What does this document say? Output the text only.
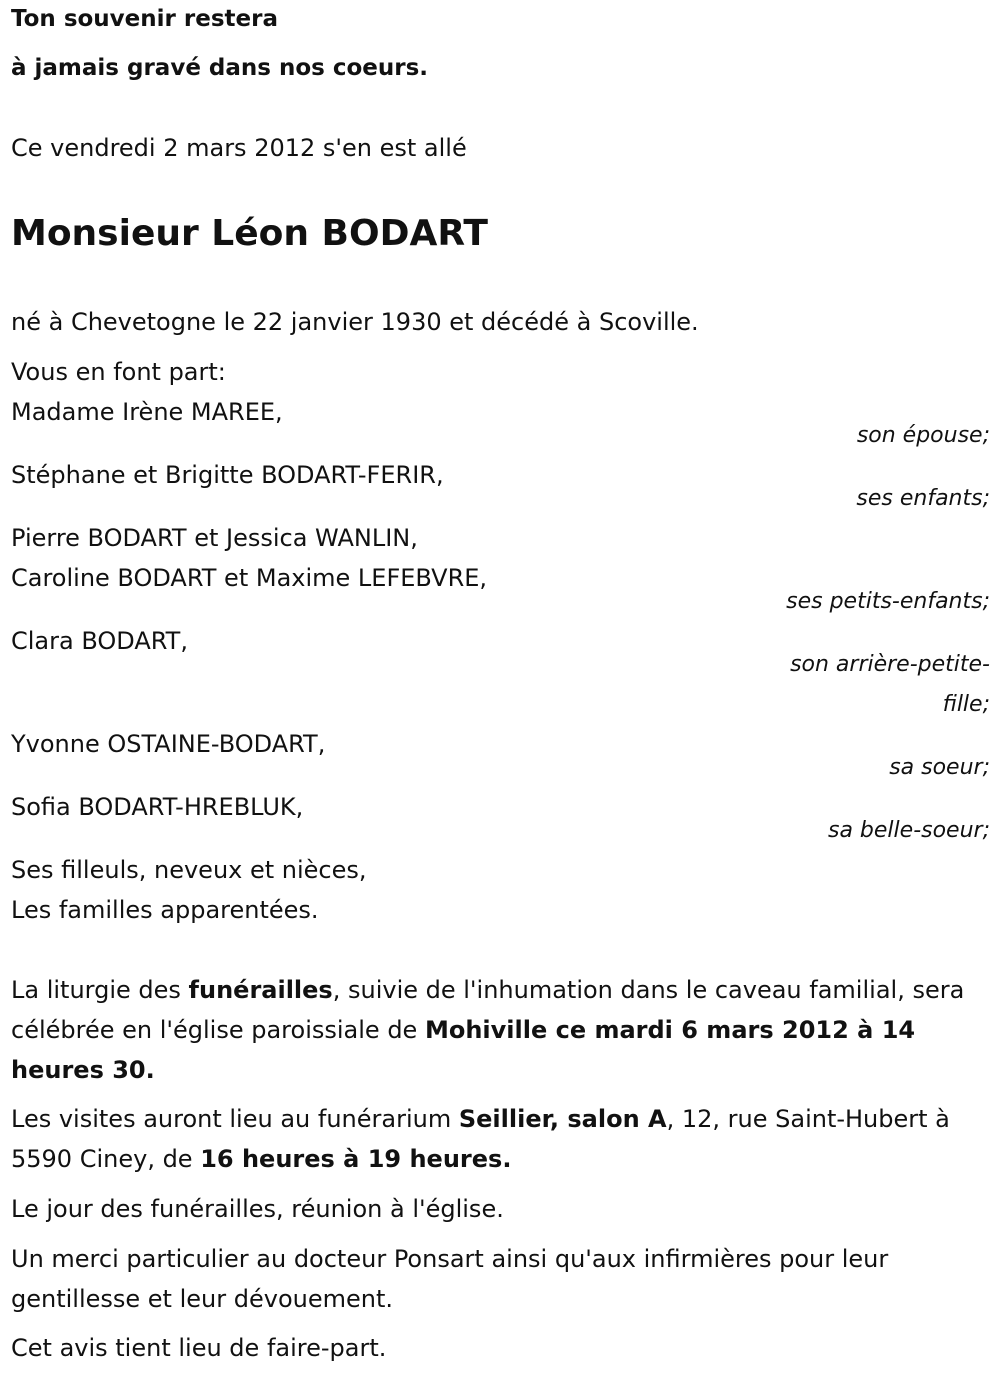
Ton souvenir restera
à jamais gravé dans nos coeurs.
Ce vendredi 2 mars 2012 s'en est allé
Monsieur Léon BODART
né à Chevetogne le 22 janvier 1930 et décédé à Scoville.
Vous en font part:
Madame Irène MAREE,
son épouse;
Stéphane et Brigitte BODART-FERIR,
ses enfants;
Pierre BODART et Jessica WANLIN,
Caroline BODART et Maxime LEFEBVRE,
ses petits-enfants;
Clara BODART,
son arrière-petite-
fille;
Yvonne OSTAINE-BODART,
sa soeur;
Sofia BODART-HREBLUK,
sa belle-soeur;
Ses filleuls, neveux et nièces,
Les familles apparentées.
La liturgie des funérailles, suivie de l'inhumation dans le caveau familial, sera célébrée en l'église paroissiale de Mohiville ce mardi 6 mars 2012 à 14 heures 30.
Les visites auront lieu au funérarium Seillier, salon A, 12, rue Saint-Hubert à 5590 Ciney, de 16 heures à 19 heures.
Le jour des funérailles, réunion à l'église.
Un merci particulier au docteur Ponsart ainsi qu'aux infirmières pour leur gentillesse et leur dévouement.
Cet avis tient lieu de faire-part.
